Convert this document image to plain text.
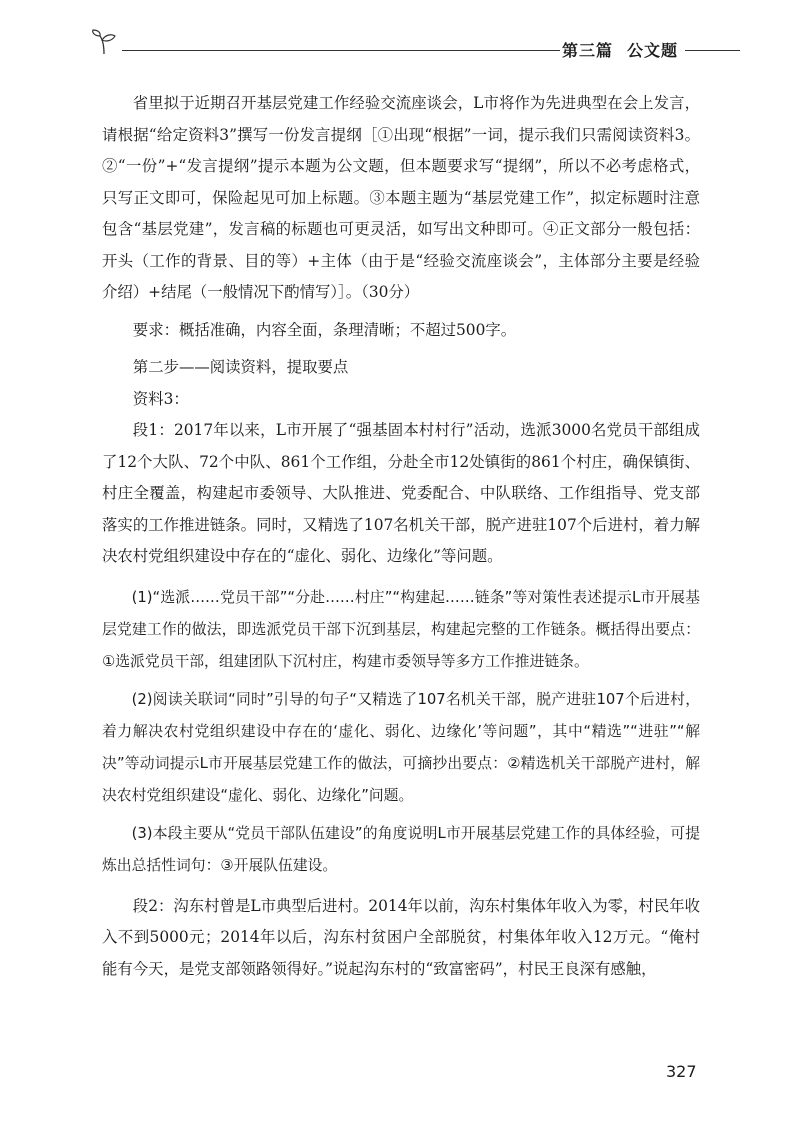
第三篇 公文题

省里拟于近期召开基层党建工作经验交流座谈会，L市将作为先进典型在会上发言，请根据“给定资料3”撰写一份发言提纲［①出现“根据”一词，提示我们只需阅读资料3。②“一份”+“发言提纲”提示本题为公文题，但本题要求写“提纲”，所以不必考虑格式，只写正文即可，保险起见可加上标题。③本题主题为“基层党建工作”，拟定标题时注意包含“基层党建”，发言稿的标题也可更灵活，如写出文种即可。④正文部分一般包括：开头（工作的背景、目的等）+主体（由于是“经验交流座谈会”，主体部分主要是经验介绍）+结尾（一般情况下酌情写）］。（30分）

要求：概括准确，内容全面，条理清晰；不超过500字。

第二步——阅读资料，提取要点

资料3：

段1：2017年以来，L市开展了“强基固本村村行”活动，选派3000名党员干部组成了12个大队、72个中队、861个工作组，分赴全市12处镇街的861个村庄，确保镇街、村庄全覆盖，构建起市委领导、大队推进、党委配合、中队联络、工作组指导、党支部落实的工作推进链条。同时，又精选了107名机关干部，脱产进驻107个后进村，着力解决农村党组织建设中存在的“虚化、弱化、边缘化”等问题。

(1)“选派……党员干部”“分赴……村庄”“构建起……链条”等对策性表述提示L市开展基层党建工作的做法，即选派党员干部下沉到基层，构建起完整的工作链条。概括得出要点：①选派党员干部，组建团队下沉村庄，构建市委领导等多方工作推进链条。

(2)阅读关联词“同时”引导的句子“又精选了107名机关干部，脱产进驻107个后进村，着力解决农村党组织建设中存在的‘虚化、弱化、边缘化’等问题”，其中“精选”“进驻”“解决”等动词提示L市开展基层党建工作的做法，可摘抄出要点：②精选机关干部脱产进村，解决农村党组织建设“虚化、弱化、边缘化”问题。

(3)本段主要从“党员干部队伍建设”的角度说明L市开展基层党建工作的具体经验，可提炼出总括性词句：③开展队伍建设。

段2：沟东村曾是L市典型后进村。2014年以前，沟东村集体年收入为零，村民年收入不到5000元；2014年以后，沟东村贫困户全部脱贫，村集体年收入12万元。“俺村能有今天，是党支部领路领得好。”说起沟东村的“致富密码”，村民王良深有感触，

327
